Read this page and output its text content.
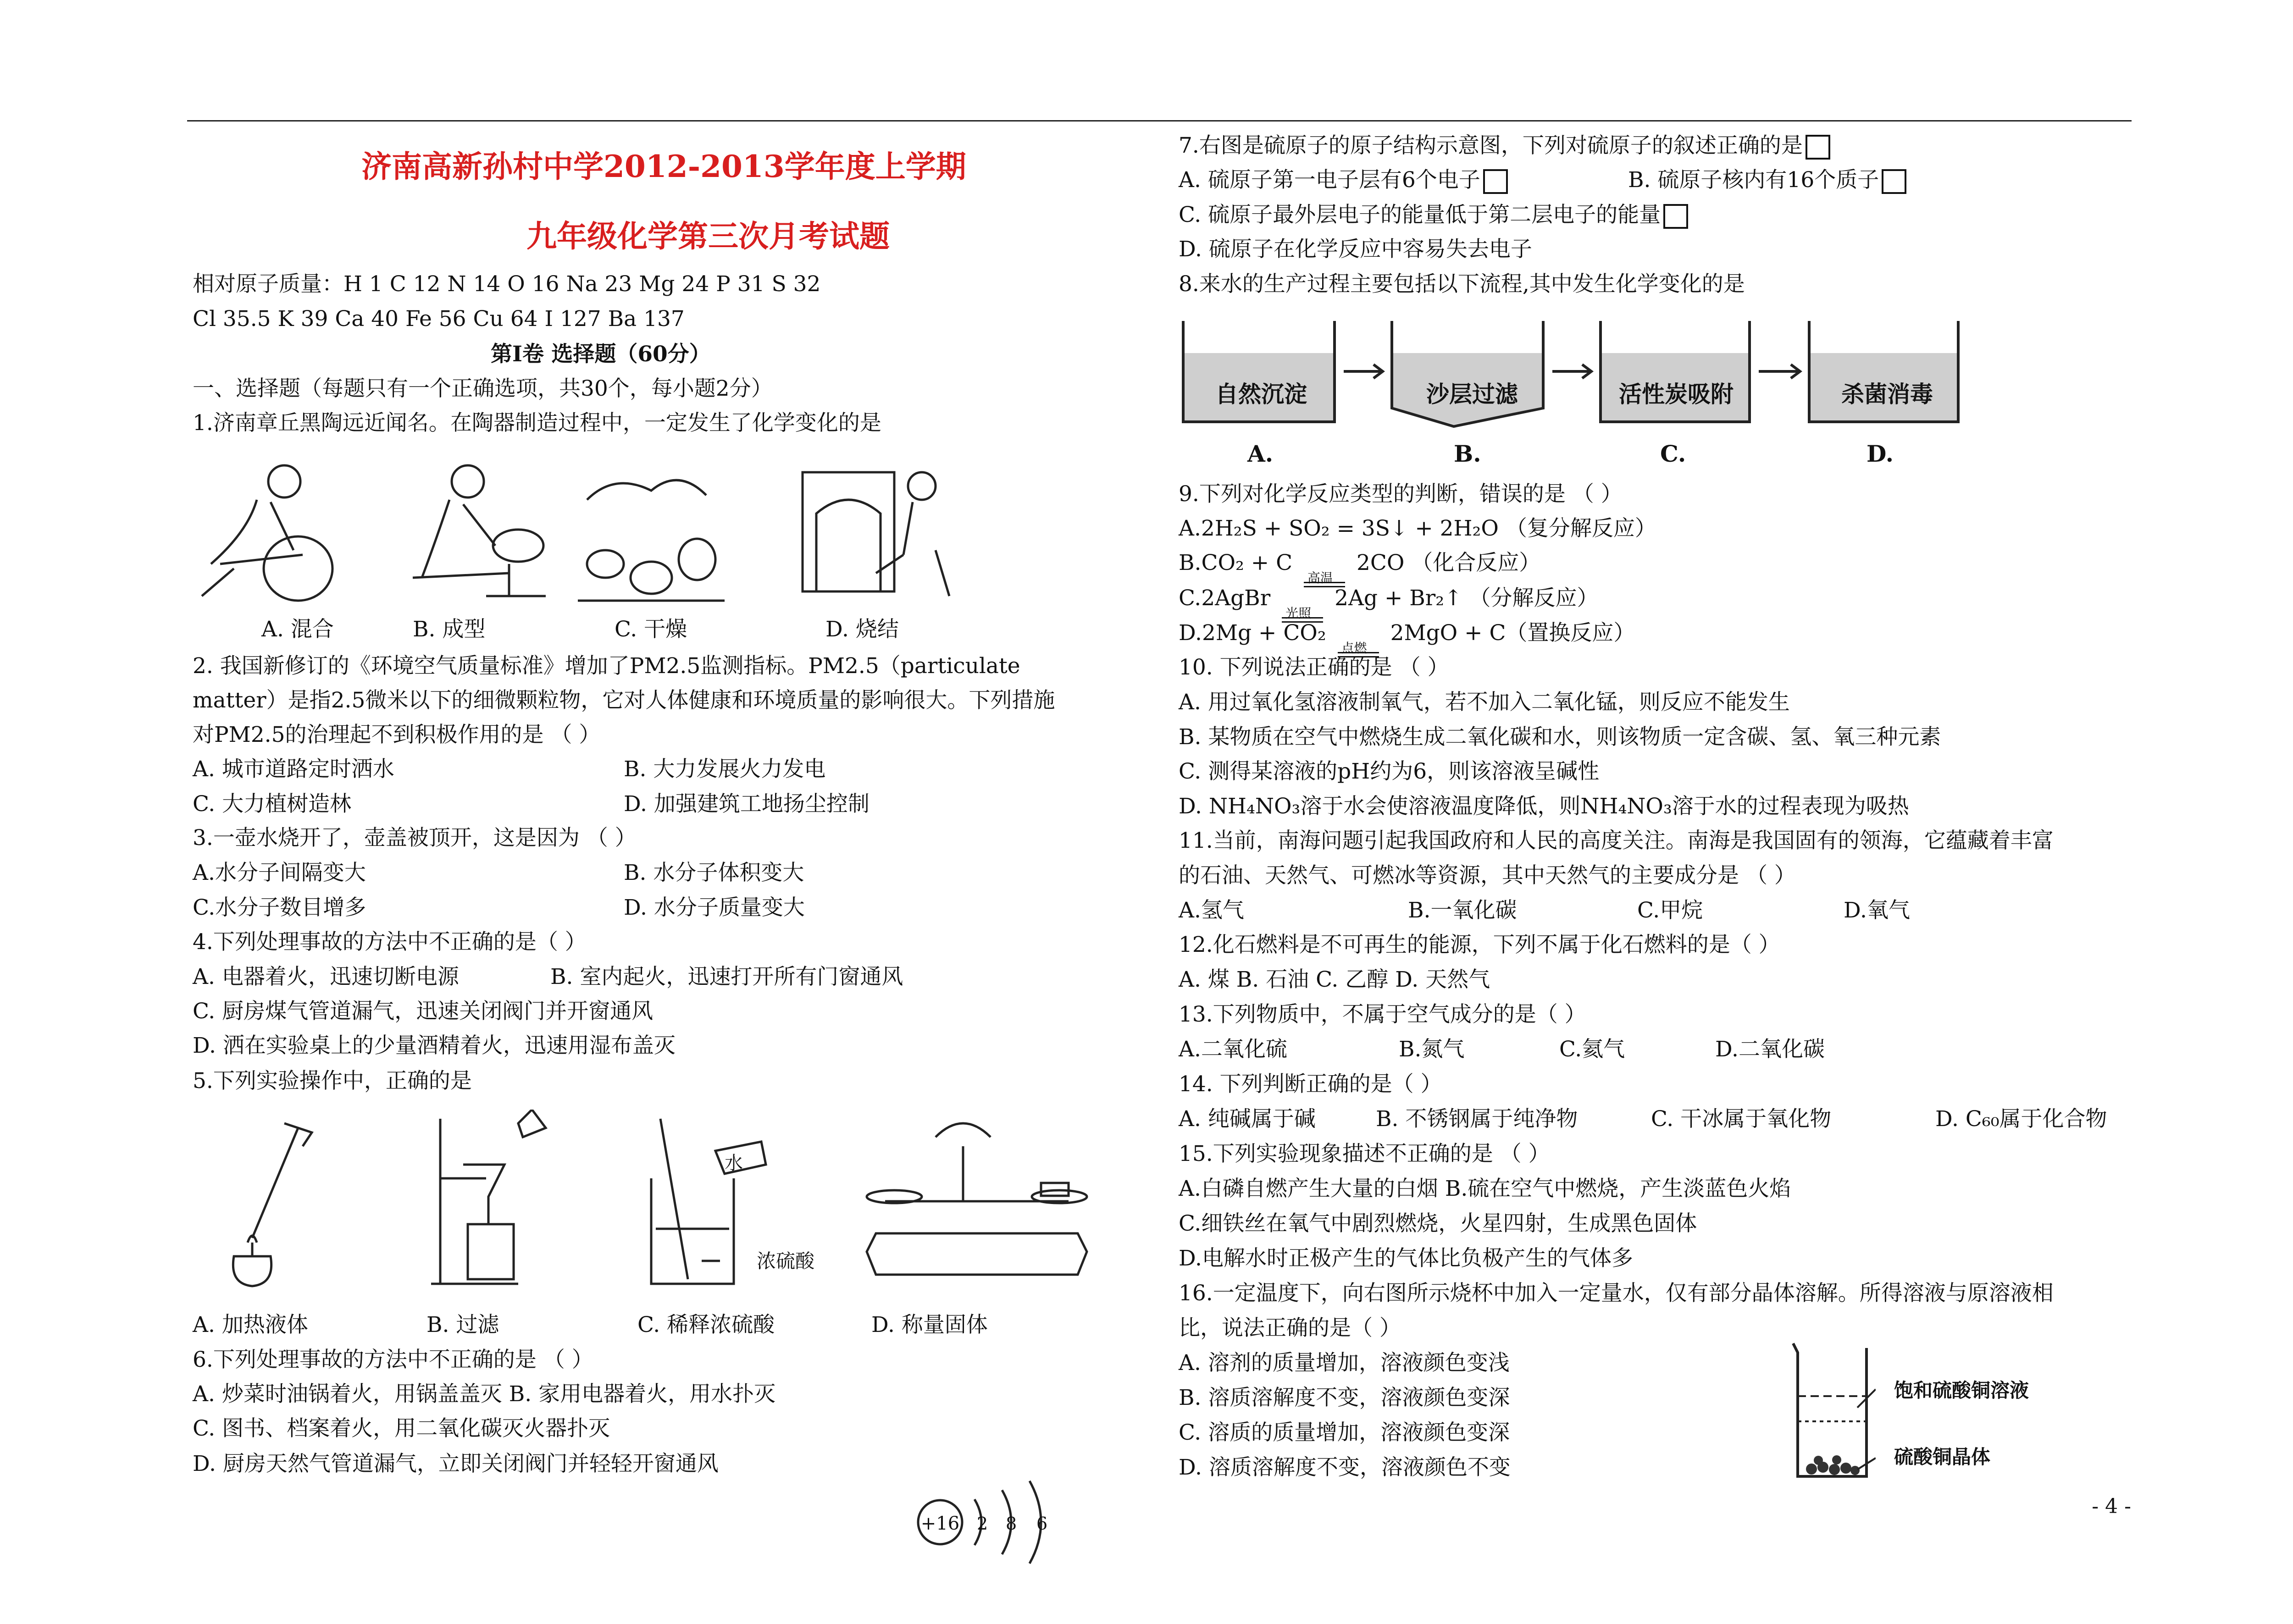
济南高新孙村中学2012-2013学年度上学期
九年级化学第三次月考试题
相对原子质量：H 1 C 12 N 14 O 16 Na 23 Mg 24 P 31 S 32
Cl 35.5 K 39 Ca 40 Fe 56 Cu 64 I 127 Ba 137
第Ⅰ卷 选择题（60分）
一、选择题（每题只有一个正确选项，共30个，每小题2分）
1.济南章丘黑陶远近闻名。在陶器制造过程中，一定发生了化学变化的是
A. 混合	B. 成型	C. 干燥	D. 烧结
2. 我国新修订的《环境空气质量标准》增加了PM2.5监测指标。PM2.5（particulate
matter）是指2.5微米以下的细微颗粒物，它对人体健康和环境质量的影响很大。下列措施
对PM2.5的治理起不到积极作用的是 （ ）
A. 城市道路定时洒水	B. 大力发展火力发电
C. 大力植树造林	D. 加强建筑工地扬尘控制
3.一壶水烧开了，壶盖被顶开，这是因为 （ ）
A.水分子间隔变大	B. 水分子体积变大
C.水分子数目增多	D. 水分子质量变大
4.下列处理事故的方法中不正确的是（ ）
A. 电器着火，迅速切断电源	B. 室内起火，迅速打开所有门窗通风
C. 厨房煤气管道漏气，迅速关闭阀门并开窗通风
D. 洒在实验桌上的少量酒精着火，迅速用湿布盖灭
5.下列实验操作中，正确的是
水
浓硫酸
A. 加热液体	B. 过滤	C. 稀释浓硫酸	D. 称量固体
6.下列处理事故的方法中不正确的是 （ ）
A. 炒菜时油锅着火，用锅盖盖灭 B. 家用电器着火，用水扑灭
C. 图书、档案着火，用二氧化碳灭火器扑灭
D. 厨房天然气管道漏气，立即关闭阀门并轻轻开窗通风
+16 2 8 6
7.右图是硫原子的原子结构示意图，下列对硫原子的叙述正确的是
A. 硫原子第一电子层有6个电子	B. 硫原子核内有16个质子
C. 硫原子最外层电子的能量低于第二层电子的能量
D. 硫原子在化学反应中容易失去电子
8.来水的生产过程主要包括以下流程,其中发生化学变化的是
自然沉淀	沙层过滤	活性炭吸附	杀菌消毒
A.	B.	C.	D.
9.下列对化学反应类型的判断，错误的是 （ ）
A.2H₂S + SO₂ = 3S↓ + 2H₂O （复分解反应）
B.CO₂ + C
高温
2CO （化合反应）
C.2AgBr
光照
2Ag + Br₂↑ （分解反应）
D.2Mg + CO₂
点燃
2MgO + C（置换反应）
10. 下列说法正确的是 （ ）
A. 用过氧化氢溶液制氧气，若不加入二氧化锰，则反应不能发生
B. 某物质在空气中燃烧生成二氧化碳和水，则该物质一定含碳、氢、氧三种元素
C. 测得某溶液的pH约为6，则该溶液呈碱性
D. NH₄NO₃溶于水会使溶液温度降低，则NH₄NO₃溶于水的过程表现为吸热
11.当前，南海问题引起我国政府和人民的高度关注。南海是我国固有的领海，它蕴藏着丰富
的石油、天然气、可燃冰等资源，其中天然气的主要成分是 （ ）
A.氢气	B.一氧化碳	C.甲烷	D.氧气
12.化石燃料是不可再生的能源，下列不属于化石燃料的是（ ）
A. 煤 B. 石油 C. 乙醇 D. 天然气
13.下列物质中，不属于空气成分的是（ ）
A.二氧化硫	B.氮气	C.氦气	D.二氧化碳
14. 下列判断正确的是（ ）
A. 纯碱属于碱	B. 不锈钢属于纯净物	C. 干冰属于氧化物	D. C₆₀属于化合物
15.下列实验现象描述不正确的是 （ ）
A.白磷自燃产生大量的白烟 B.硫在空气中燃烧，产生淡蓝色火焰
C.细铁丝在氧气中剧烈燃烧，火星四射，生成黑色固体
D.电解水时正极产生的气体比负极产生的气体多
16.一定温度下，向右图所示烧杯中加入一定量水，仅有部分晶体溶解。所得溶液与原溶液相
比，说法正确的是（ ）
A. 溶剂的质量增加，溶液颜色变浅
B. 溶质溶解度不变，溶液颜色变深
C. 溶质的质量增加，溶液颜色变深
D. 溶质溶解度不变，溶液颜色不变
饱和硫酸铜溶液
硫酸铜晶体
- 4 -
